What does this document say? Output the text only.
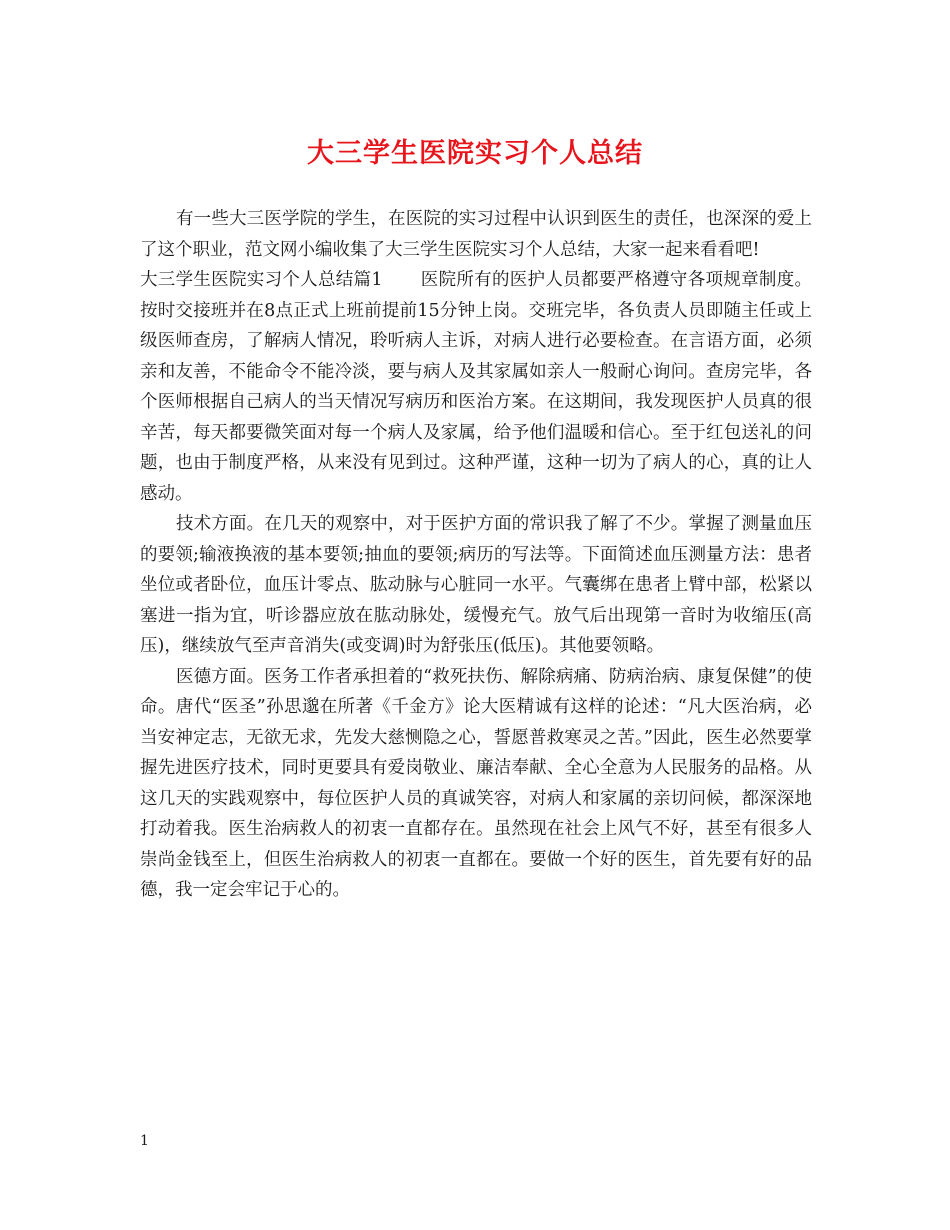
大三学生医院实习个人总结

有一些大三医学院的学生，在医院的实习过程中认识到医生的责任，也深深的爱上了这个职业，范文网小编收集了大三学生医院实习个人总结，大家一起来看看吧!

大三学生医院实习个人总结篇1 医院所有的医护人员都要严格遵守各项规章制度。按时交接班并在8点正式上班前提前15分钟上岗。交班完毕，各负责人员即随主任或上级医师查房，了解病人情况，聆听病人主诉，对病人进行必要检查。在言语方面，必须亲和友善，不能命令不能冷淡，要与病人及其家属如亲人一般耐心询问。查房完毕，各个医师根据自己病人的当天情况写病历和医治方案。在这期间，我发现医护人员真的很辛苦，每天都要微笑面对每一个病人及家属，给予他们温暖和信心。至于红包送礼的问题，也由于制度严格，从来没有见到过。这种严谨，这种一切为了病人的心，真的让人感动。

技术方面。在几天的观察中，对于医护方面的常识我了解了不少。掌握了测量血压的要领;输液换液的基本要领;抽血的要领;病历的写法等。下面简述血压测量方法：患者坐位或者卧位，血压计零点、肱动脉与心脏同一水平。气囊绑在患者上臂中部，松紧以塞进一指为宜，听诊器应放在肱动脉处，缓慢充气。放气后出现第一音时为收缩压(高压)，继续放气至声音消失(或变调)时为舒张压(低压)。其他要领略。

医德方面。医务工作者承担着的“救死扶伤、解除病痛、防病治病、康复保健”的使命。唐代“医圣”孙思邈在所著《千金方》论大医精诚有这样的论述：“凡大医治病，必当安神定志，无欲无求，先发大慈恻隐之心，誓愿普救寒灵之苦。”因此，医生必然要掌握先进医疗技术，同时更要具有爱岗敬业、廉洁奉献、全心全意为人民服务的品格。从这几天的实践观察中，每位医护人员的真诚笑容，对病人和家属的亲切问候，都深深地打动着我。医生治病救人的初衷一直都存在。虽然现在社会上风气不好，甚至有很多人崇尚金钱至上，但医生治病救人的初衷一直都在。要做一个好的医生，首先要有好的品德，我一定会牢记于心的。

1
